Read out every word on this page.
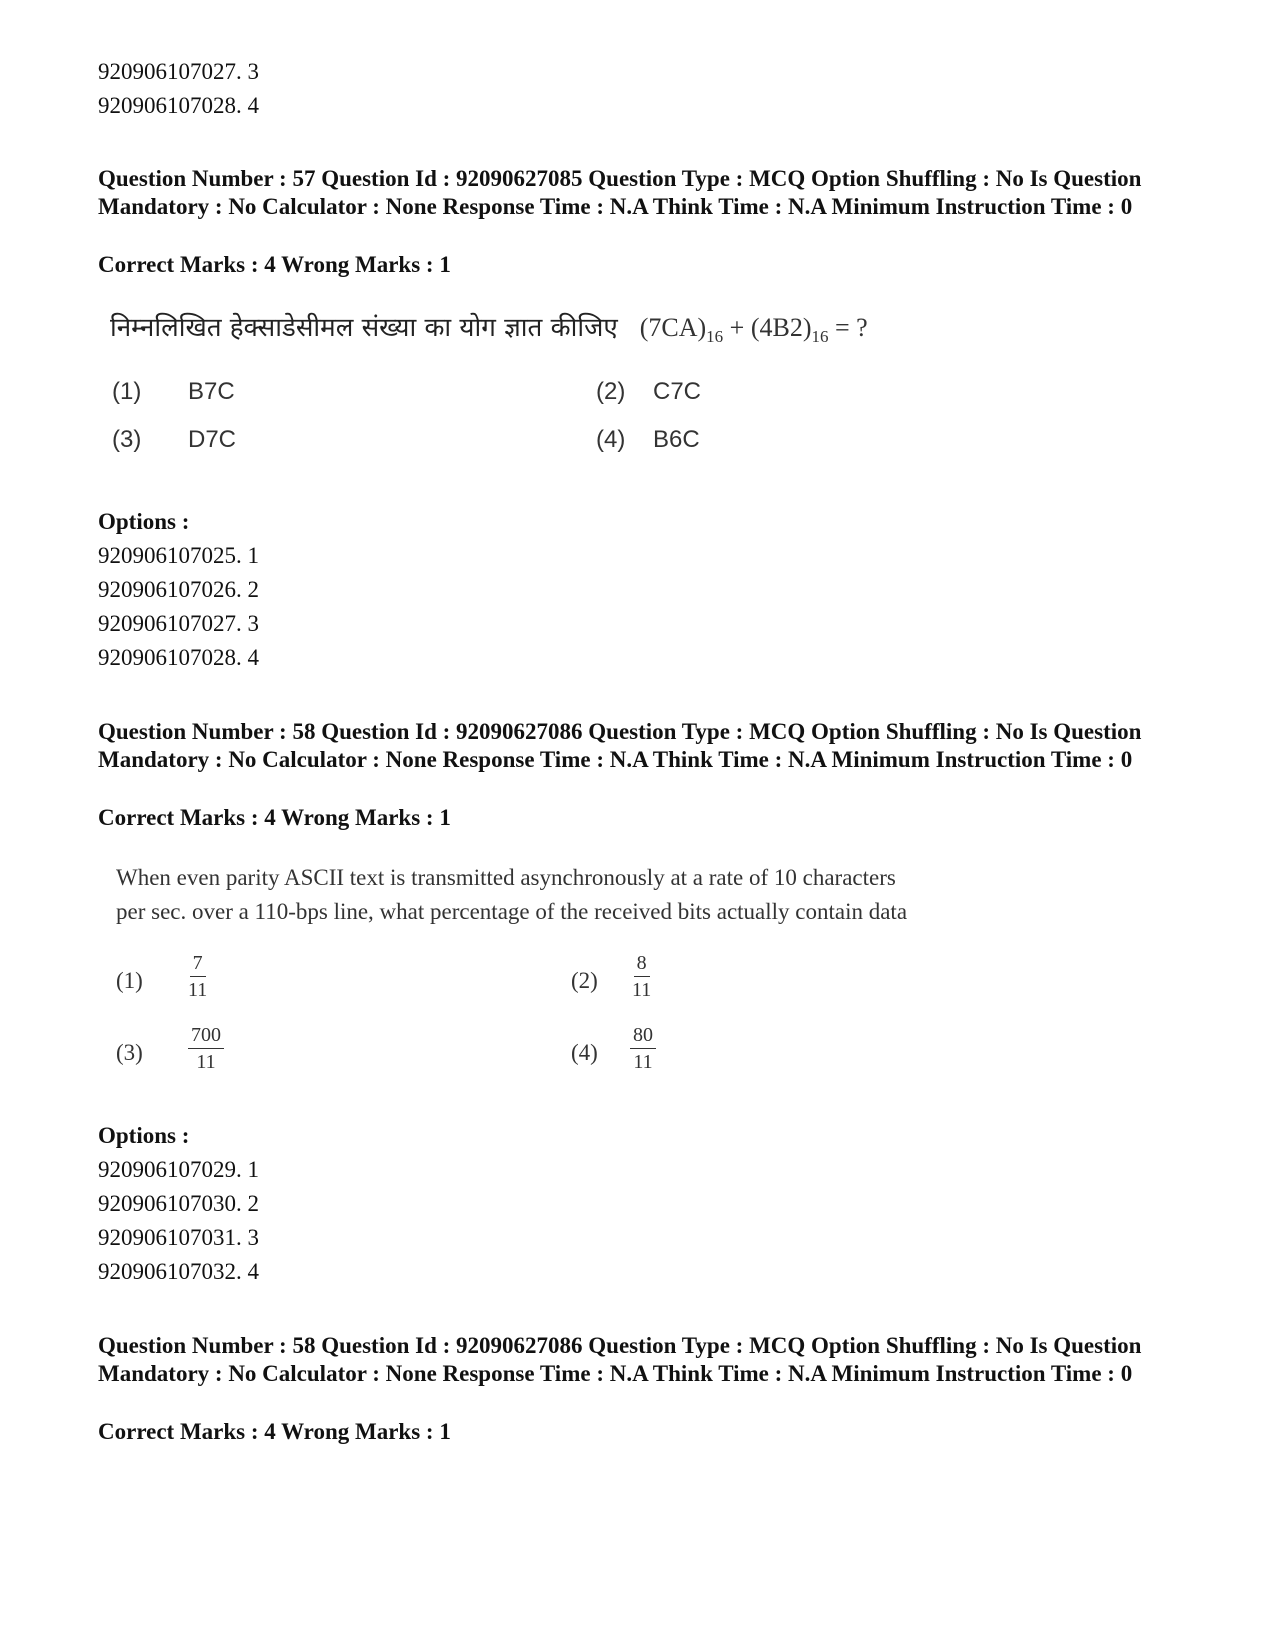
920906107027. 3
920906107028. 4
Question Number : 57 Question Id : 92090627085 Question Type : MCQ Option Shuffling : No Is Question Mandatory : No Calculator : None Response Time : N.A Think Time : N.A Minimum Instruction Time : 0
Correct Marks : 4 Wrong Marks : 1
निम्नलिखित हेक्साडेसीमल संख्या का योग ज्ञात कीजिए $(7CA)_{16} + (4B2)_{16}$ = ?
(1) B7C	(2) C7C
(3) D7C	(4) B6C
Options :
920906107025. 1
920906107026. 2
920906107027. 3
920906107028. 4
Question Number : 58 Question Id : 92090627086 Question Type : MCQ Option Shuffling : No Is Question Mandatory : No Calculator : None Response Time : N.A Think Time : N.A Minimum Instruction Time : 0
Correct Marks : 4 Wrong Marks : 1
When even parity ASCII text is transmitted asynchronously at a rate of 10 characters
per sec. over a 110-bps line, what percentage of the received bits actually contain data
$(1) \frac{7}{11}$	$(2) \frac{8}{11}$
$(3) \frac{700}{11}$	$(4) \frac{80}{11}$
Options :
920906107029. 1
920906107030. 2
920906107031. 3
920906107032. 4
Question Number : 58 Question Id : 92090627086 Question Type : MCQ Option Shuffling : No Is Question Mandatory : No Calculator : None Response Time : N.A Think Time : N.A Minimum Instruction Time : 0
Correct Marks : 4 Wrong Marks : 1
